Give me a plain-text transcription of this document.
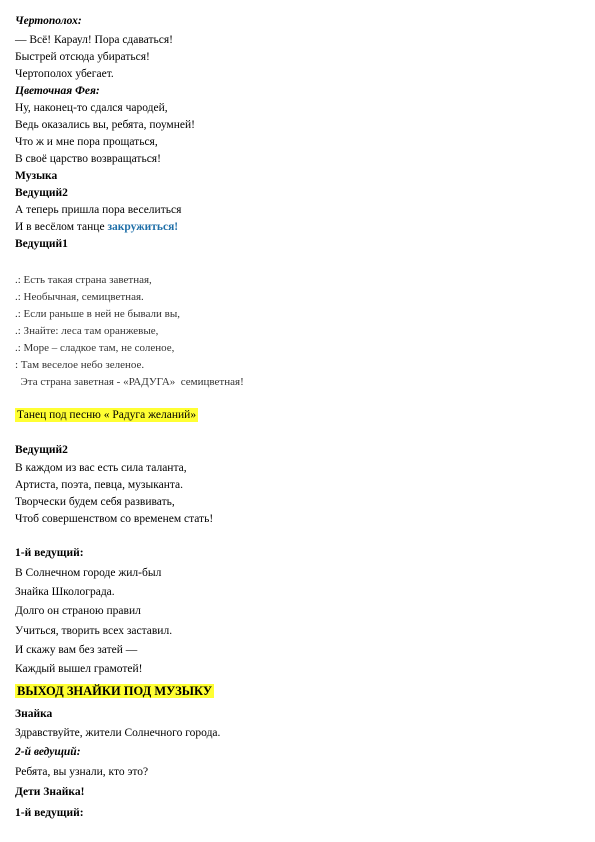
Чертополох:
— Всё! Караул! Пора сдаваться!
Быстрей отсюда убираться!
Чертополох убегает.
Цветочная Фея:
Ну, наконец-то сдался чародей,
Ведь оказались вы, ребята, поумней!
Что ж и мне пора прощаться,
В своё царство возвращаться!
Музыка
Ведущий2
А теперь пришла пора веселиться
И в весёлом танце закружиться!
Ведущий1
.: Есть такая страна заветная,
.: Необычная, семицветная.
.: Если раньше в ней не бывали вы,
.: Знайте: леса там оранжевые,
.: Море – сладкое там, не соленое,
: Там веселое небо зеленое.
Эта страна заветная - «РАДУГА»  семицветная!
Танец под песню « Радуга желаний»
Ведущий2
В каждом из вас есть сила таланта,
Артиста, поэта, певца, музыканта.
Творчески будем себя развивать,
Чтоб совершенством со временем стать!
1-й ведущий:
В Солнечном городе жил-был
Знайка Школограда.
Долго он страною правил
Учиться, творить всех заставил.
И скажу вам без затей —
Каждый вышел грамотей!
ВЫХОД ЗНАЙКИ ПОД МУЗЫКУ
Знайка
Здравствуйте, жители Солнечного города.
2-й ведущий:
Ребята, вы узнали, кто это?
Дети Знайка!
1-й ведущий:
